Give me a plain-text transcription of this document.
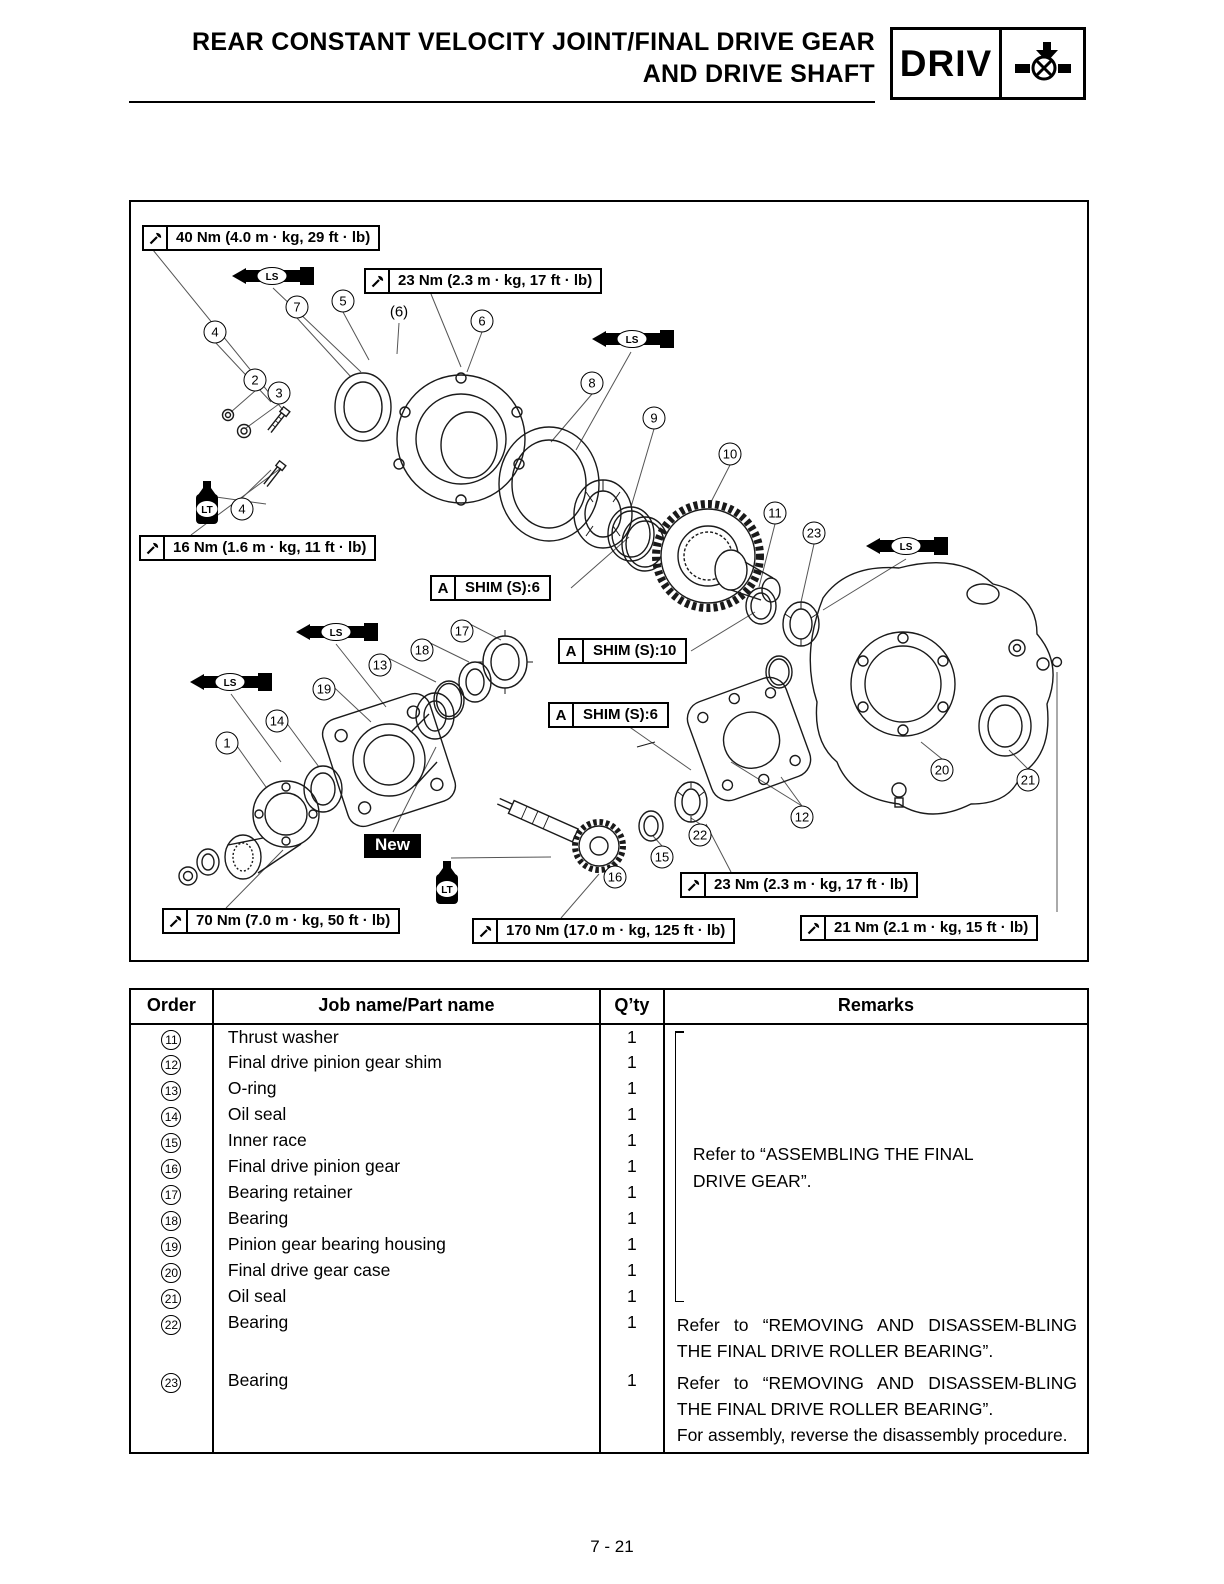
REAR CONSTANT VELOCITY JOINT/FINAL DRIVE GEAR
AND DRIVE SHAFT DRIV
40 Nm (4.0 m · kg, 29 ft · lb)
23 Nm (2.3 m · kg, 17 ft · lb)
16 Nm (1.6 m · kg, 11 ft · lb)
70 Nm (7.0 m · kg, 50 ft · lb)
170 Nm (17.0 m · kg, 125 ft · lb)
23 Nm (2.3 m · kg, 17 ft · lb)
21 Nm (2.1 m · kg, 15 ft · lb)
A	SHIM (S):6
A	SHIM (S):10
A	SHIM (S):6
LS
LS
LS
LS
LS
LT
LT
New
4
7	5
(6)
6
2
3
8
9
10
11
23
4
17
18
13
19
14
1
20
21
12
22
15
16
Order	Job name/Part name	Q’ty	Remarks
11	Thrust washer	1	Refer to “ASSEMBLING THE FINAL DRIVE GEAR”.

12	Final drive pinion gear shim	1	
13	O-ring	1	
14	Oil seal	1	
15	Inner race	1	
16	Final drive pinion gear	1	
17	Bearing retainer	1	
18	Bearing	1	
19	Pinion gear bearing housing	1	
20	Final drive gear case	1	
21	Oil seal	1	
22	Bearing	1	Refer to “REMOVING AND DISASSEM-BLING THE FINAL DRIVE ROLLER BEARING”.

23	Bearing	1	Refer to “REMOVING AND DISASSEM-BLING THE FINAL DRIVE ROLLER BEARING”.

For assembly, reverse the disassembly procedure.

7 - 21
